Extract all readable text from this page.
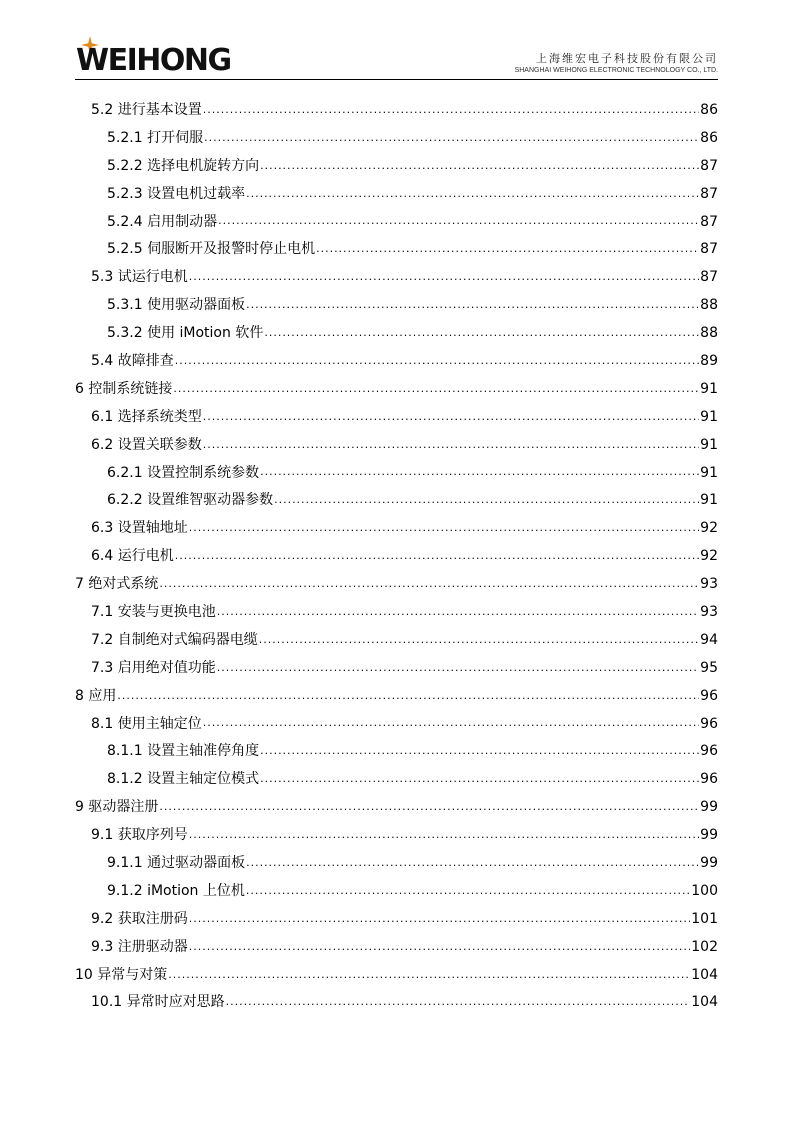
WEIHONG	上海维宏电子科技股份有限公司
SHANGHAI WEIHONG ELECTRONIC TECHNOLOGY CO., LTD.
5.2 进行基本设置 .....	86
5.2.1 打开伺服 .....	86
5.2.2 选择电机旋转方向 .....	87
5.2.3 设置电机过载率 .....	87
5.2.4 启用制动器 .....	87
5.2.5 伺服断开及报警时停止电机 .....	87
5.3 试运行电机 .....	87
5.3.1 使用驱动器面板 .....	88
5.3.2 使用 iMotion 软件 .....	88
5.4 故障排查 .....	89
6 控制系统链接 .....	91
6.1 选择系统类型 .....	91
6.2 设置关联参数 .....	91
6.2.1 设置控制系统参数 .....	91
6.2.2 设置维智驱动器参数 .....	91
6.3 设置轴地址 .....	92
6.4 运行电机 .....	92
7 绝对式系统 .....	93
7.1 安装与更换电池 .....	93
7.2 自制绝对式编码器电缆 .....	94
7.3 启用绝对值功能 .....	95
8 应用 .....	96
8.1 使用主轴定位 .....	96
8.1.1 设置主轴准停角度 .....	96
8.1.2 设置主轴定位模式 .....	96
9 驱动器注册 .....	99
9.1 获取序列号 .....	99
9.1.1 通过驱动器面板 .....	99
9.1.2 iMotion 上位机 .....	100
9.2 获取注册码 .....	101
9.3 注册驱动器 .....	102
10 异常与对策 .....	104
10.1 异常时应对思路 .....	104
